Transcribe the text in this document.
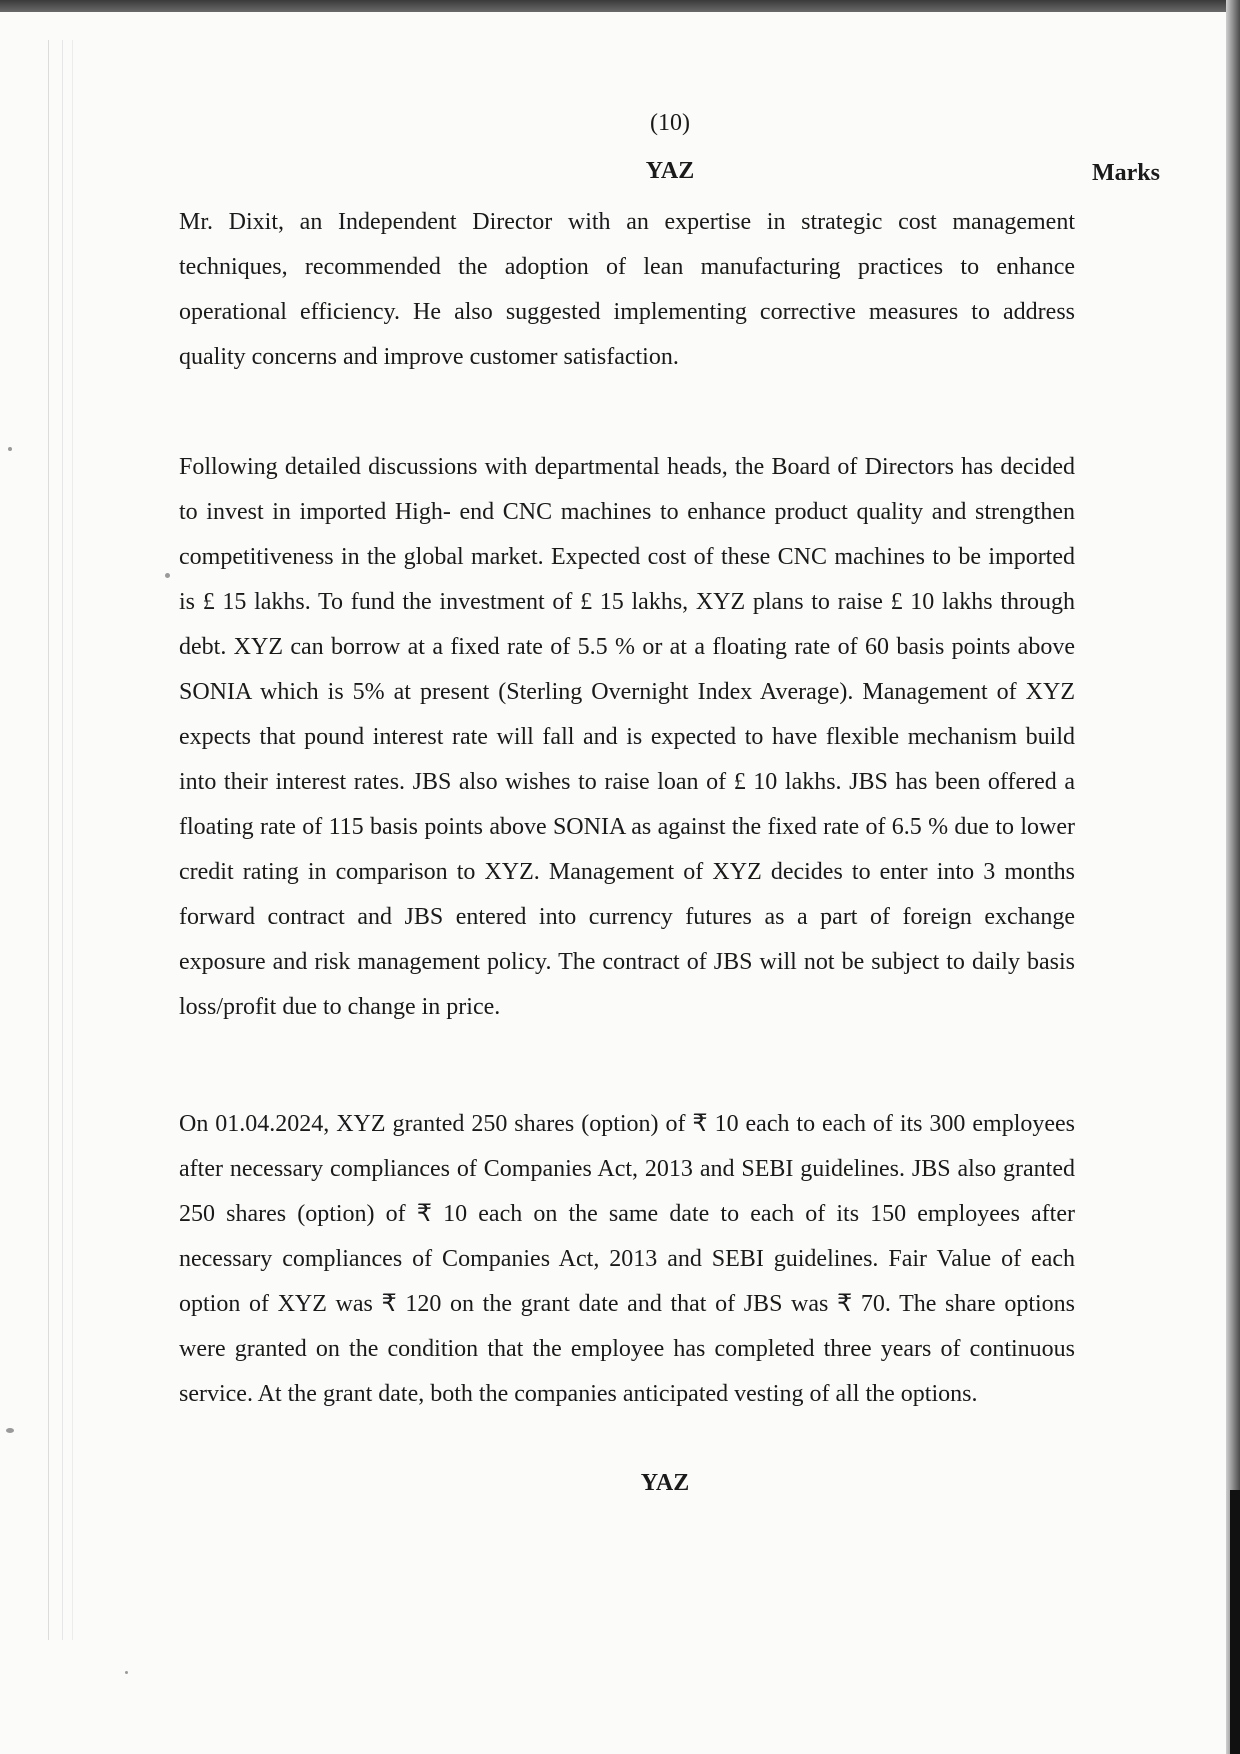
(10)
YAZ	Marks

Mr. Dixit, an Independent Director with an expertise in strategic cost management techniques, recommended the adoption of lean manufacturing practices to enhance operational efficiency. He also suggested implementing corrective measures to address quality concerns and improve customer satisfaction.

Following detailed discussions with departmental heads, the Board of Directors has decided to invest in imported High- end CNC machines to enhance product quality and strengthen competitiveness in the global market. Expected cost of these CNC machines to be imported is £ 15 lakhs. To fund the investment of £ 15 lakhs, XYZ plans to raise £ 10 lakhs through debt. XYZ can borrow at a fixed rate of 5.5 % or at a floating rate of 60 basis points above SONIA which is 5% at present (Sterling Overnight Index Average). Management of XYZ expects that pound interest rate will fall and is expected to have flexible mechanism build into their interest rates. JBS also wishes to raise loan of £ 10 lakhs. JBS has been offered a floating rate of 115 basis points above SONIA as against the fixed rate of 6.5 % due to lower credit rating in comparison to XYZ. Management of XYZ decides to enter into 3 months forward contract and JBS entered into currency futures as a part of foreign exchange exposure and risk management policy. The contract of JBS will not be subject to daily basis loss/profit due to change in price.

On 01.04.2024, XYZ granted 250 shares (option) of ₹ 10 each to each of its 300 employees after necessary compliances of Companies Act, 2013 and SEBI guidelines. JBS also granted 250 shares (option) of ₹ 10 each on the same date to each of its 150 employees after necessary compliances of Companies Act, 2013 and SEBI guidelines. Fair Value of each option of XYZ was ₹ 120 on the grant date and that of JBS was ₹ 70. The share options were granted on the condition that the employee has completed three years of continuous service. At the grant date, both the companies anticipated vesting of all the options.

YAZ
